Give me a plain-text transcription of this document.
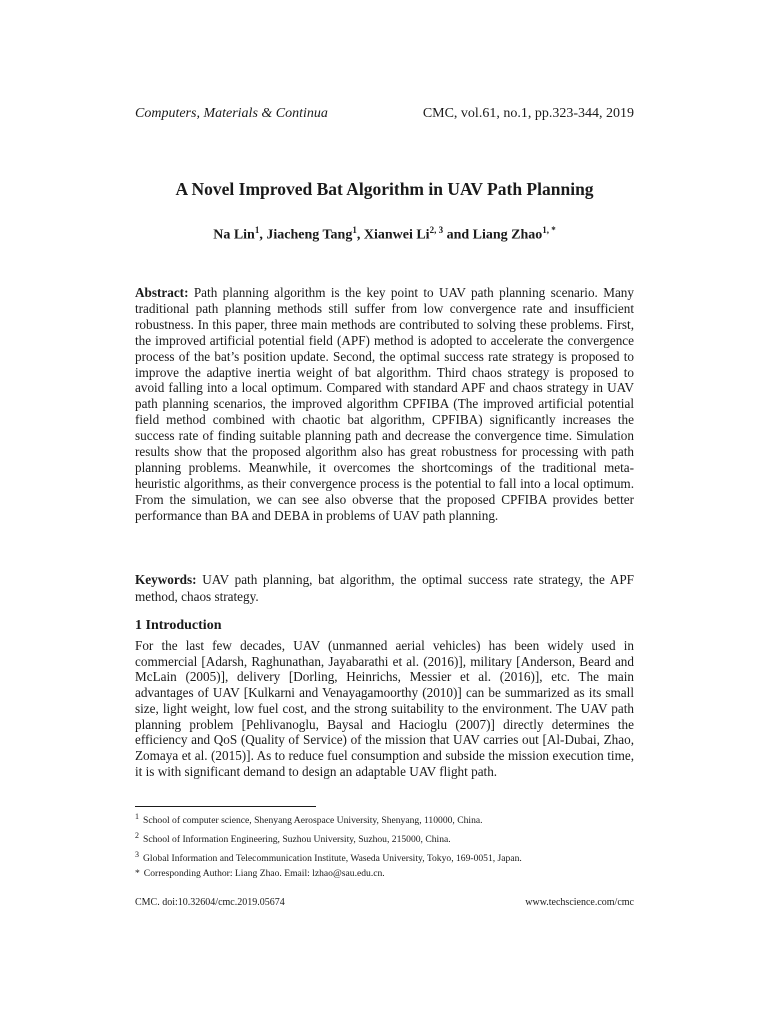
Computers, Materials & Continua	CMC, vol.61, no.1, pp.323-344, 2019
A Novel Improved Bat Algorithm in UAV Path Planning
Na Lin$^1$, Jiacheng Tang$^1$, Xianwei Li$^{2, 3}$ and Liang Zhao$^{1, *}$
Abstract: Path planning algorithm is the key point to UAV path planning scenario. Many traditional path planning methods still suffer from low convergence rate and insufficient robustness. In this paper, three main methods are contributed to solving these problems. First, the improved artificial potential field (APF) method is adopted to accelerate the convergence process of the bat’s position update. Second, the optimal success rate strategy is proposed to improve the adaptive inertia weight of bat algorithm. Third chaos strategy is proposed to avoid falling into a local optimum. Compared with standard APF and chaos strategy in UAV path planning scenarios, the improved algorithm CPFIBA (The improved artificial potential field method combined with chaotic bat algorithm, CPFIBA) significantly increases the success rate of finding suitable planning path and decrease the convergence time. Simulation results show that the proposed algorithm also has great robustness for processing with path planning problems. Meanwhile, it overcomes the shortcomings of the traditional meta-heuristic algorithms, as their convergence process is the potential to fall into a local optimum. From the simulation, we can see also obverse that the proposed CPFIBA provides better performance than BA and DEBA in problems of UAV path planning.
Keywords: UAV path planning, bat algorithm, the optimal success rate strategy, the APF method, chaos strategy.
1 Introduction
For the last few decades, UAV (unmanned aerial vehicles) has been widely used in commercial [Adarsh, Raghunathan, Jayabarathi et al. (2016)], military [Anderson, Beard and McLain (2005)], delivery [Dorling, Heinrichs, Messier et al. (2016)], etc. The main advantages of UAV [Kulkarni and Venayagamoorthy (2010)] can be summarized as its small size, light weight, low fuel cost, and the strong suitability to the environment. The UAV path planning problem [Pehlivanoglu, Baysal and Hacioglu (2007)] directly determines the efficiency and QoS (Quality of Service) of the mission that UAV carries out [Al-Dubai, Zhao, Zomaya et al. (2015)]. As to reduce fuel consumption and subside the mission execution time, it is with significant demand to design an adaptable UAV flight path.
$^1$ School of computer science, Shenyang Aerospace University, Shenyang, 110000, China.
$^2$ School of Information Engineering, Suzhou University, Suzhou, 215000, China.
$^3$ Global Information and Telecommunication Institute, Waseda University, Tokyo, 169-0051, Japan.
* Corresponding Author: Liang Zhao. Email: lzhao@sau.edu.cn.
CMC. doi:10.32604/cmc.2019.05674	www.techscience.com/cmc
